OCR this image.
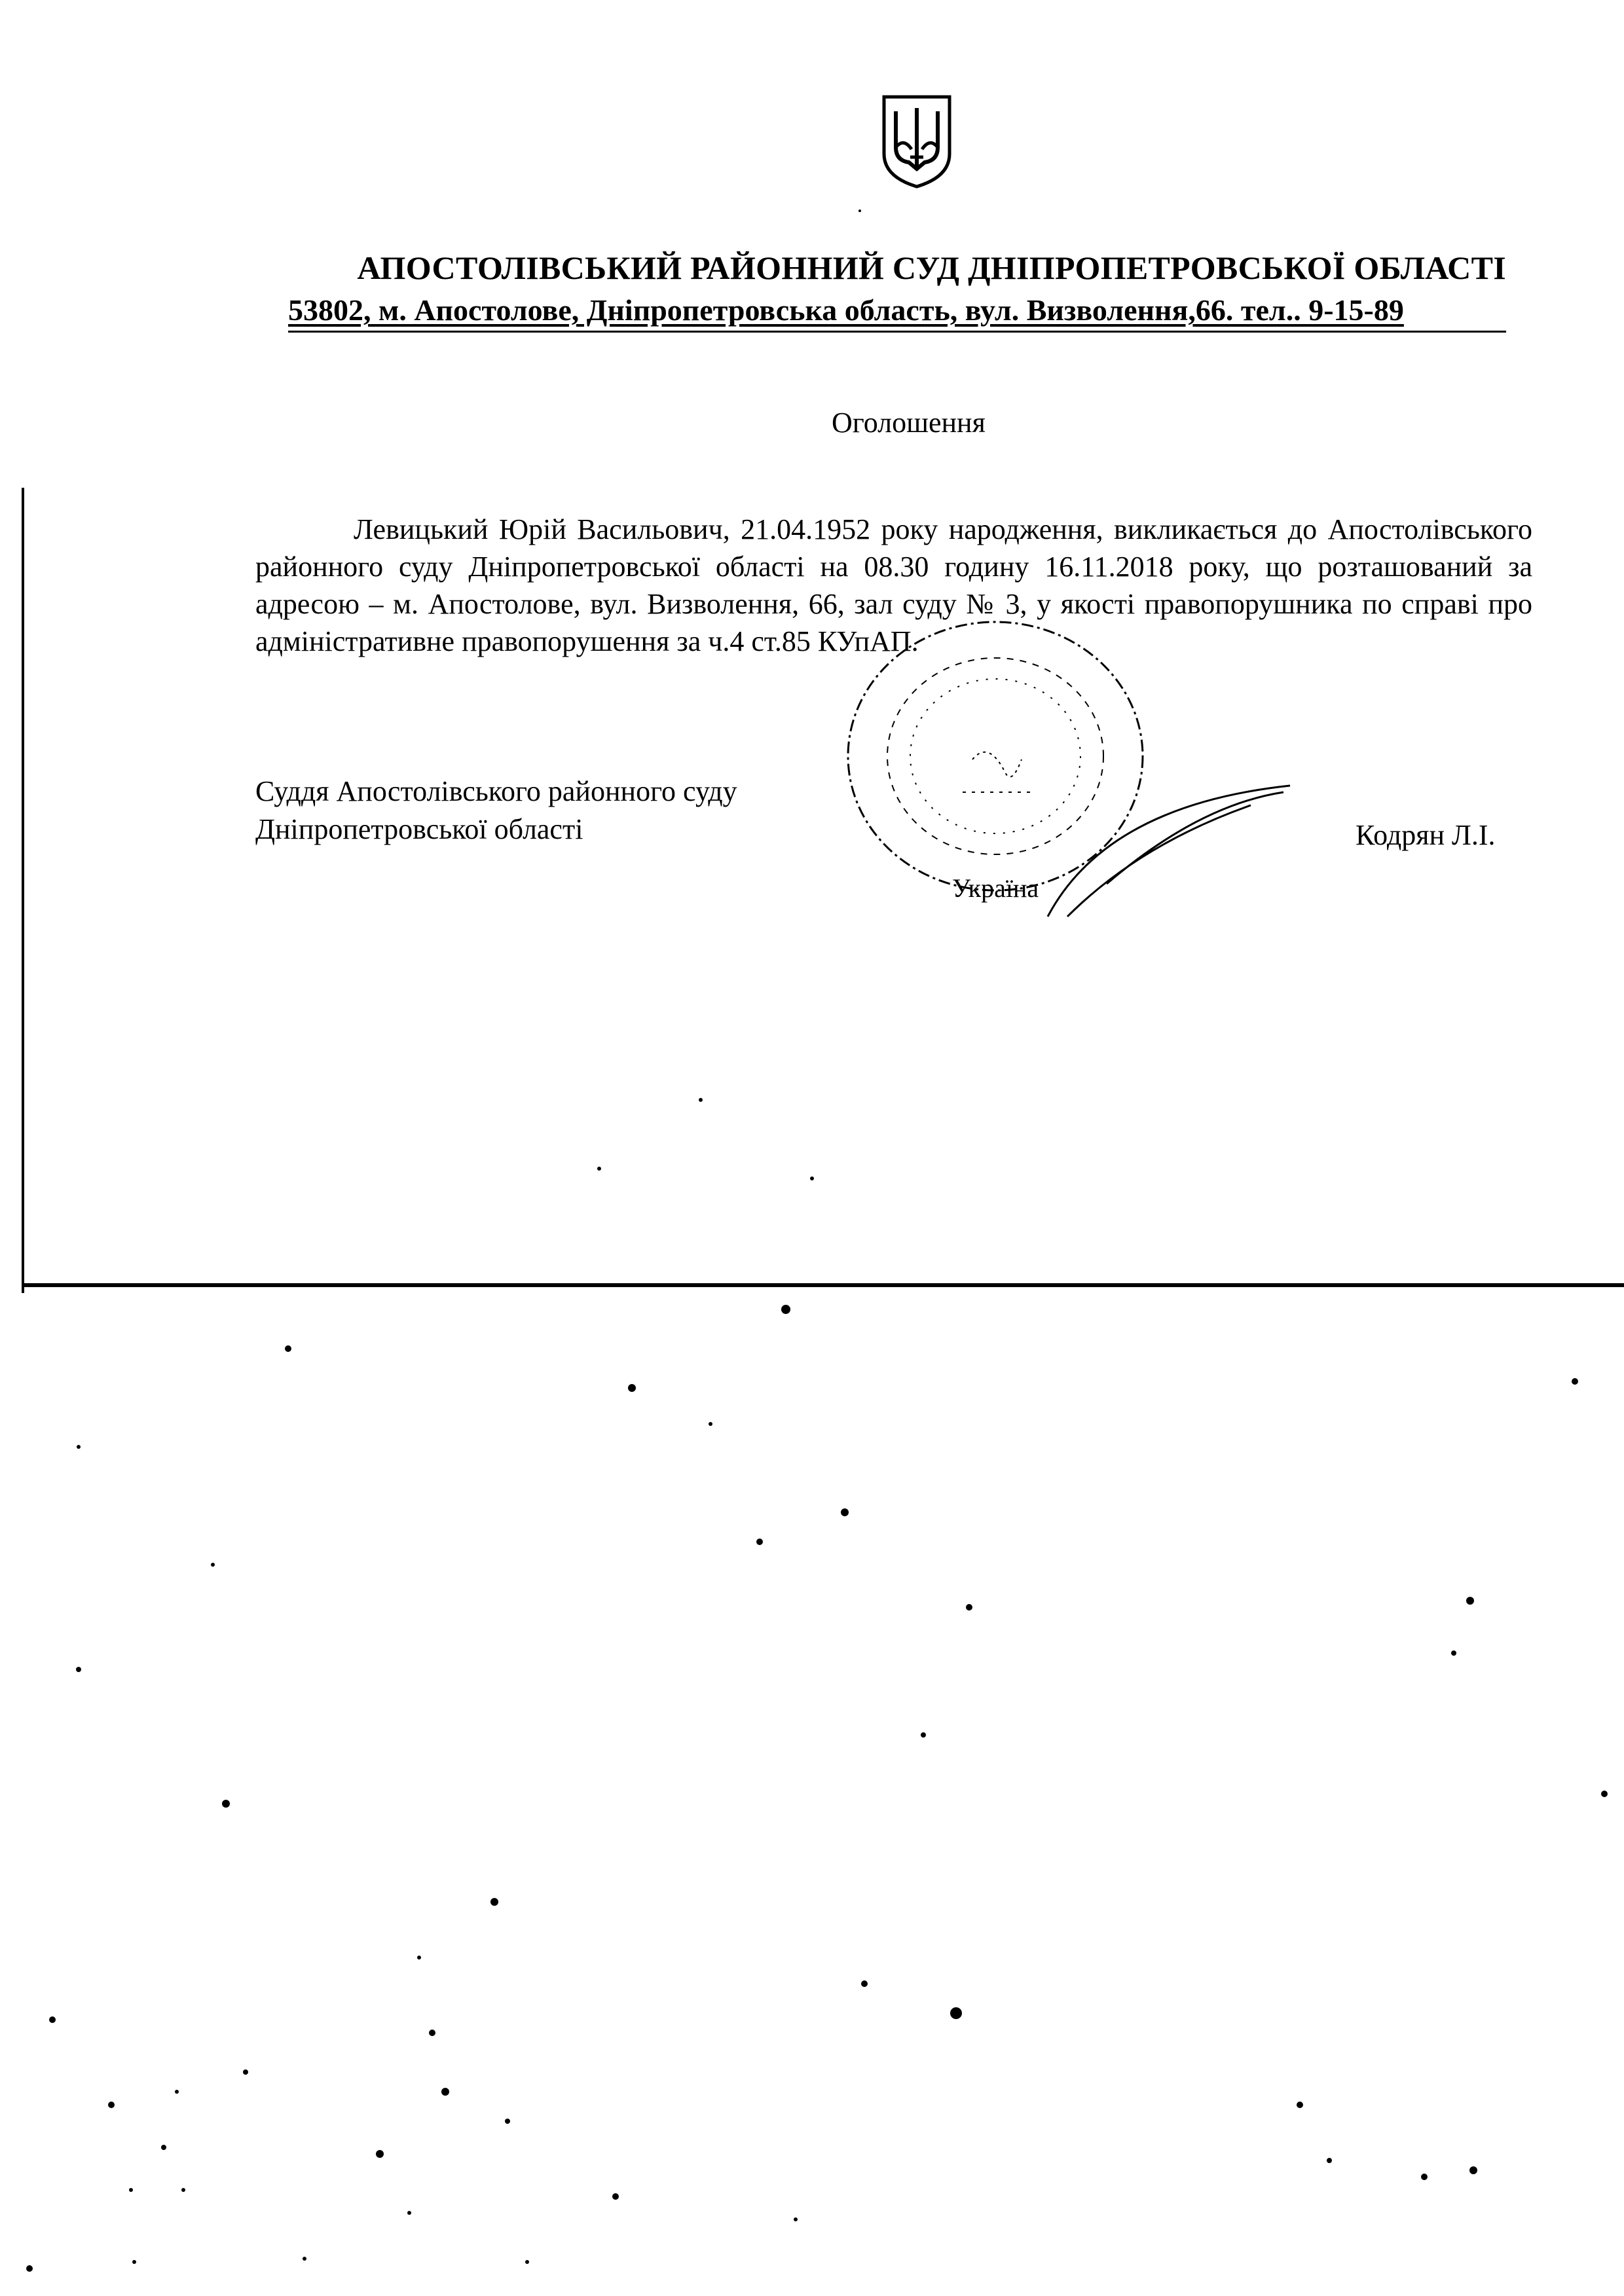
АПОСТОЛІВСЬКИЙ РАЙОННИЙ СУД ДНІПРОПЕТРОВСЬКОЇ ОБЛАСТІ
53802, м. Апостолове, Дніпропетровська область, вул. Визволення,66. тел.. 9-15-89
Оголошення
Левицький Юрій Васильович, 21.04.1952 року народження, викликається до Апостолівського районного суду Дніпропетровської області на 08.30 годину 16.11.2018 року, що розташований за адресою – м. Апостолове, вул. Визволення, 66, зал суду № 3, у якості правопорушника по справі про адміністративне правопорушення за ч.4 ст.85 КУпАП.
Україна
Суддя Апостолівського районного суду
Дніпропетровської області	Кодрян Л.І.
